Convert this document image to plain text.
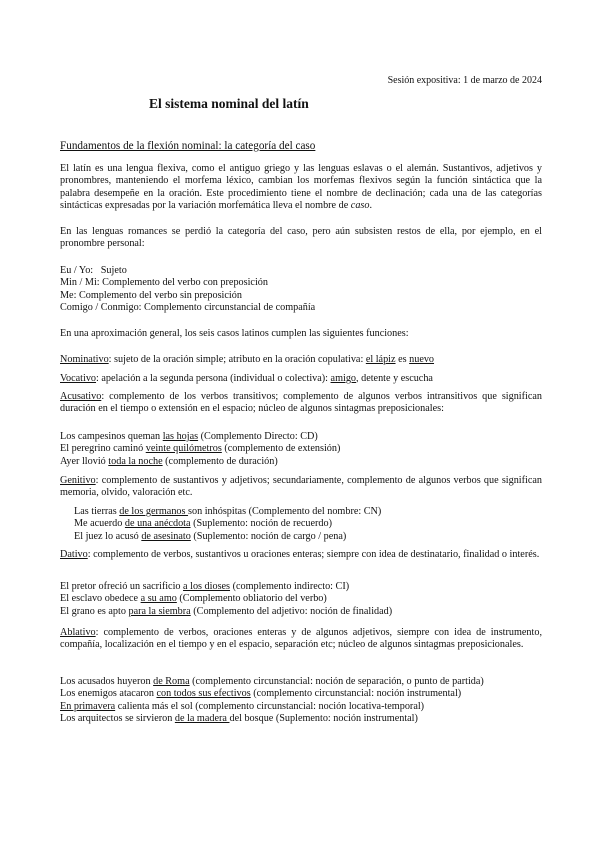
Sesión expositiva: 1 de marzo de 2024
El sistema nominal del latín
Fundamentos de la flexión nominal: la categoría del caso
El latín es una lengua flexiva, como el antiguo griego y las lenguas eslavas o el alemán. Sustantivos, adjetivos y pronombres, manteniendo el morfema léxico, cambian los morfemas flexivos según la función sintáctica que la palabra desempeñe en la oración. Este procedimiento tiene el nombre de declinación; cada una de las categorías sintácticas expresadas por la variación morfemática lleva el nombre de caso.
En las lenguas romances se perdió la categoría del caso, pero aún subsisten restos de ella, por ejemplo, en el pronombre personal:
Eu / Yo:   Sujeto
Min / Mi: Complemento del verbo con preposición
Me: Complemento del verbo sin preposición
Comigo / Conmigo: Complemento circunstancial de compañía
En una aproximación general, los seis casos latinos cumplen las siguientes funciones:
Nominativo: sujeto de la oración simple; atributo en la oración copulativa: el lápiz es nuevo
Vocativo: apelación a la segunda persona (individual o colectiva): amigo, detente y escucha
Acusativo: complemento de los verbos transitivos; complemento de algunos verbos intransitivos que significan duración en el tiempo o extensión en el espacio; núcleo de algunos sintagmas preposicionales:
Los campesinos queman las hojas (Complemento Directo: CD)
El peregrino caminó veinte quilómetros (complemento de extensión)
Ayer llovió toda la noche (complemento de duración)
Genitivo: complemento de sustantivos y adjetivos; secundariamente, complemento de algunos verbos que significan memoria, olvido, valoración etc.
Las tierras de los germanos son inhóspitas (Complemento del nombre: CN)
Me acuerdo de una anécdota (Suplemento: noción de recuerdo)
El juez lo acusó de asesinato (Suplemento: noción de cargo / pena)
Dativo: complemento de verbos, sustantivos u oraciones enteras; siempre con idea de destinatario, finalidad o interés.
El pretor ofreció un sacrificio a los dioses (complemento indirecto: CI)
El esclavo obedece a su amo (Complemento obliatorio del verbo)
El grano es apto para la siembra (Complemento del adjetivo: noción de finalidad)
Ablativo: complemento de verbos, oraciones enteras y de algunos adjetivos, siempre con idea de instrumento, compañía, localización en el tiempo y en el espacio, separación etc; núcleo de algunos sintagmas preposicionales.
Los acusados huyeron de Roma (complemento circunstancial: noción de separación, o punto de partida)
Los enemigos atacaron con todos sus efectivos (complemento circunstancial: noción instrumental)
En primavera calienta más el sol (complemento circunstancial: noción locativa-temporal)
Los arquitectos se sirvieron de la madera del bosque (Suplemento: noción instrumental)
